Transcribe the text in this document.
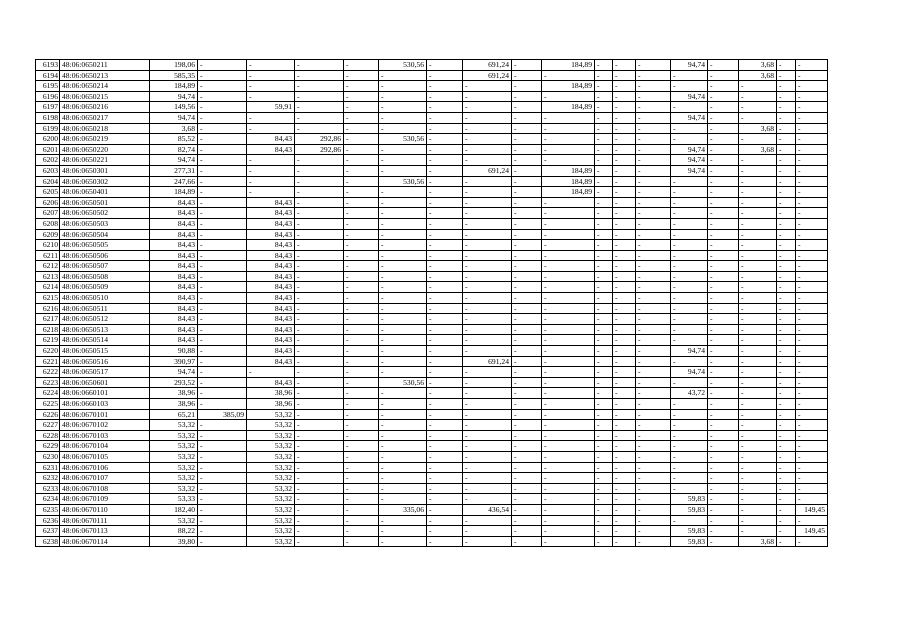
6193	48:06:0650211	198,06	-	-	-	-	530,56	-	691,24	-	184,89	-	-	-	94,74	-	3,68	-	-
6194	48:06:0650213	585,35	-	-	-	-	-	-	691,24	-	-	-	-	-	-	-	3,68	-	-
6195	48:06:0650214	184,89	-	-	-	-	-	-	-	-	184,89	-	-	-	-	-	-	-	-
6196	48:06:0650215	94,74	-	-	-	-	-	-	-	-	-	-	-	-	94,74	-	-	-	-
6197	48:06:0650216	149,56	-	59,91	-	-	-	-	-	-	184,89	-	-	-	-	-	-	-	-
6198	48:06:0650217	94,74	-	-	-	-	-	-	-	-	-	-	-	-	94,74	-	-	-	-
6199	48:06:0650218	3,68	-	-	-	-	-	-	-	-	-	-	-	-	-	-	3,68	-	-
6200	48:06:0650219	85,52	-	84,43	292,86	-	530,56	-	-	-	-	-	-	-	-	-	-	-	-
6201	48:06:0650220	82,74	-	84,43	292,86	-	-	-	-	-	-	-	-	-	94,74	-	3,68	-	-
6202	48:06:0650221	94,74	-	-	-	-	-	-	-	-	-	-	-	-	94,74	-	-	-	-
6203	48:06:0650301	277,31	-	-	-	-	-	-	691,24	-	184,89	-	-	-	94,74	-	-	-	-
6204	48:06:0650302	247,66	-	-	-	-	530,56	-	-	-	184,89	-	-	-	-	-	-	-	-
6205	48:06:0650401	184,89	-	-	-	-	-	-	-	-	184,89	-	-	-	-	-	-	-	-
6206	48:06:0650501	84,43	-	84,43	-	-	-	-	-	-	-	-	-	-	-	-	-	-	-
6207	48:06:0650502	84,43	-	84,43	-	-	-	-	-	-	-	-	-	-	-	-	-	-	-
6208	48:06:0650503	84,43	-	84,43	-	-	-	-	-	-	-	-	-	-	-	-	-	-	-
6209	48:06:0650504	84,43	-	84,43	-	-	-	-	-	-	-	-	-	-	-	-	-	-	-
6210	48:06:0650505	84,43	-	84,43	-	-	-	-	-	-	-	-	-	-	-	-	-	-	-
6211	48:06:0650506	84,43	-	84,43	-	-	-	-	-	-	-	-	-	-	-	-	-	-	-
6212	48:06:0650507	84,43	-	84,43	-	-	-	-	-	-	-	-	-	-	-	-	-	-	-
6213	48:06:0650508	84,43	-	84,43	-	-	-	-	-	-	-	-	-	-	-	-	-	-	-
6214	48:06:0650509	84,43	-	84,43	-	-	-	-	-	-	-	-	-	-	-	-	-	-	-
6215	48:06:0650510	84,43	-	84,43	-	-	-	-	-	-	-	-	-	-	-	-	-	-	-
6216	48:06:0650511	84,43	-	84,43	-	-	-	-	-	-	-	-	-	-	-	-	-	-	-
6217	48:06:0650512	84,43	-	84,43	-	-	-	-	-	-	-	-	-	-	-	-	-	-	-
6218	48:06:0650513	84,43	-	84,43	-	-	-	-	-	-	-	-	-	-	-	-	-	-	-
6219	48:06:0650514	84,43	-	84,43	-	-	-	-	-	-	-	-	-	-	-	-	-	-	-
6220	48:06:0650515	90,88	-	84,43	-	-	-	-	-	-	-	-	-	-	94,74	-	-	-	-
6221	48:06:0650516	390,97	-	84,43	-	-	-	-	691,24	-	-	-	-	-	-	-	-	-	-
6222	48:06:0650517	94,74	-	-	-	-	-	-	-	-	-	-	-	-	94,74	-	-	-	-
6223	48:06:0650601	293,52	-	84,43	-	-	530,56	-	-	-	-	-	-	-	-	-	-	-	-
6224	48:06:0660101	38,96	-	38,96	-	-	-	-	-	-	-	-	-	-	43,72	-	-	-	-
6225	48:06:0660103	38,96	-	38,96	-	-	-	-	-	-	-	-	-	-	-	-	-	-	-
6226	48:06:0670101	65,21	385,09	53,32	-	-	-	-	-	-	-	-	-	-	-	-	-	-	-
6227	48:06:0670102	53,32	-	53,32	-	-	-	-	-	-	-	-	-	-	-	-	-	-	-
6228	48:06:0670103	53,32	-	53,32	-	-	-	-	-	-	-	-	-	-	-	-	-	-	-
6229	48:06:0670104	53,32	-	53,32	-	-	-	-	-	-	-	-	-	-	-	-	-	-	-
6230	48:06:0670105	53,32	-	53,32	-	-	-	-	-	-	-	-	-	-	-	-	-	-	-
6231	48:06:0670106	53,32	-	53,32	-	-	-	-	-	-	-	-	-	-	-	-	-	-	-
6232	48:06:0670107	53,32	-	53,32	-	-	-	-	-	-	-	-	-	-	-	-	-	-	-
6233	48:06:0670108	53,32	-	53,32	-	-	-	-	-	-	-	-	-	-	-	-	-	-	-
6234	48:06:0670109	53,33	-	53,32	-	-	-	-	-	-	-	-	-	-	59,83	-	-	-	-
6235	48:06:0670110	182,40	-	53,32	-	-	335,06	-	436,54	-	-	-	-	-	59,83	-	-	-	149,45
6236	48:06:0670111	53,32	-	53,32	-	-	-	-	-	-	-	-	-	-	-	-	-	-	-
6237	48:06:0670113	88,22	-	53,32	-	-	-	-	-	-	-	-	-	-	59,83	-	-	-	149,45
6238	48:06:0670114	39,80	-	53,32	-	-	-	-	-	-	-	-	-	-	59,83	-	3,68	-	-
